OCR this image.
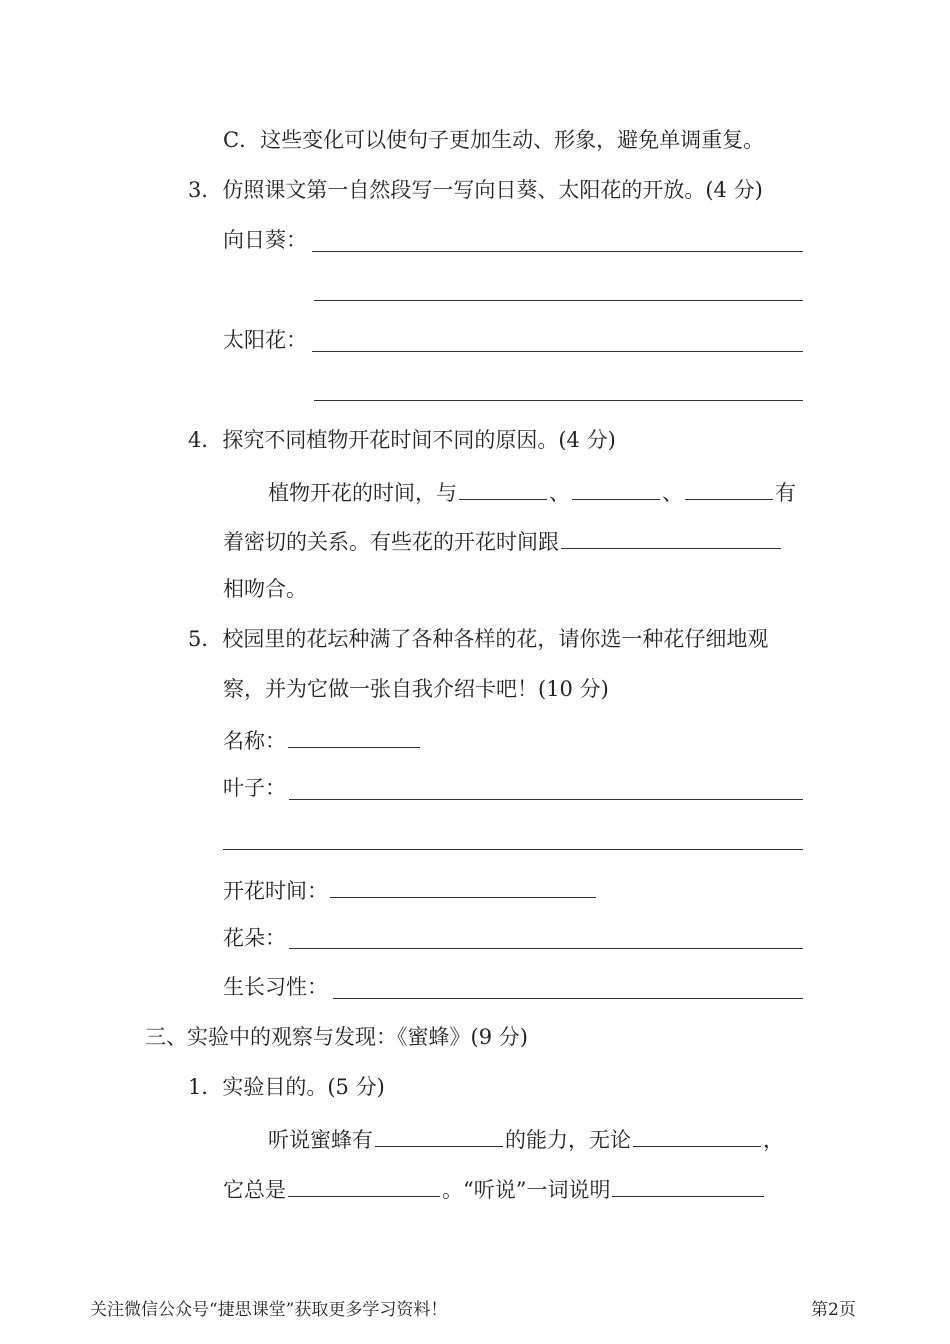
C．这些变化可以使句子更加生动、形象，避免单调重复。
3．仿照课文第一自然段写一写向日葵、太阳花的开放。(4 分)
向日葵：
太阳花：
4．探究不同植物开花时间不同的原因。(4 分)
植物开花的时间，与	、	、	有
着密切的关系。有些花的开花时间跟
相吻合。
5．校园里的花坛种满了各种各样的花，请你选一种花仔细地观
察，并为它做一张自我介绍卡吧！(10 分)
名称：
叶子：
开花时间：
花朵：
生长习性：
三、实验中的观察与发现：《蜜蜂》(9 分)
1．实验目的。(5 分)
听说蜜蜂有	的能力，无论	，
它总是	。“听说”一词说明
关注微信公众号“捷思课堂”获取更多学习资料！	第2页
